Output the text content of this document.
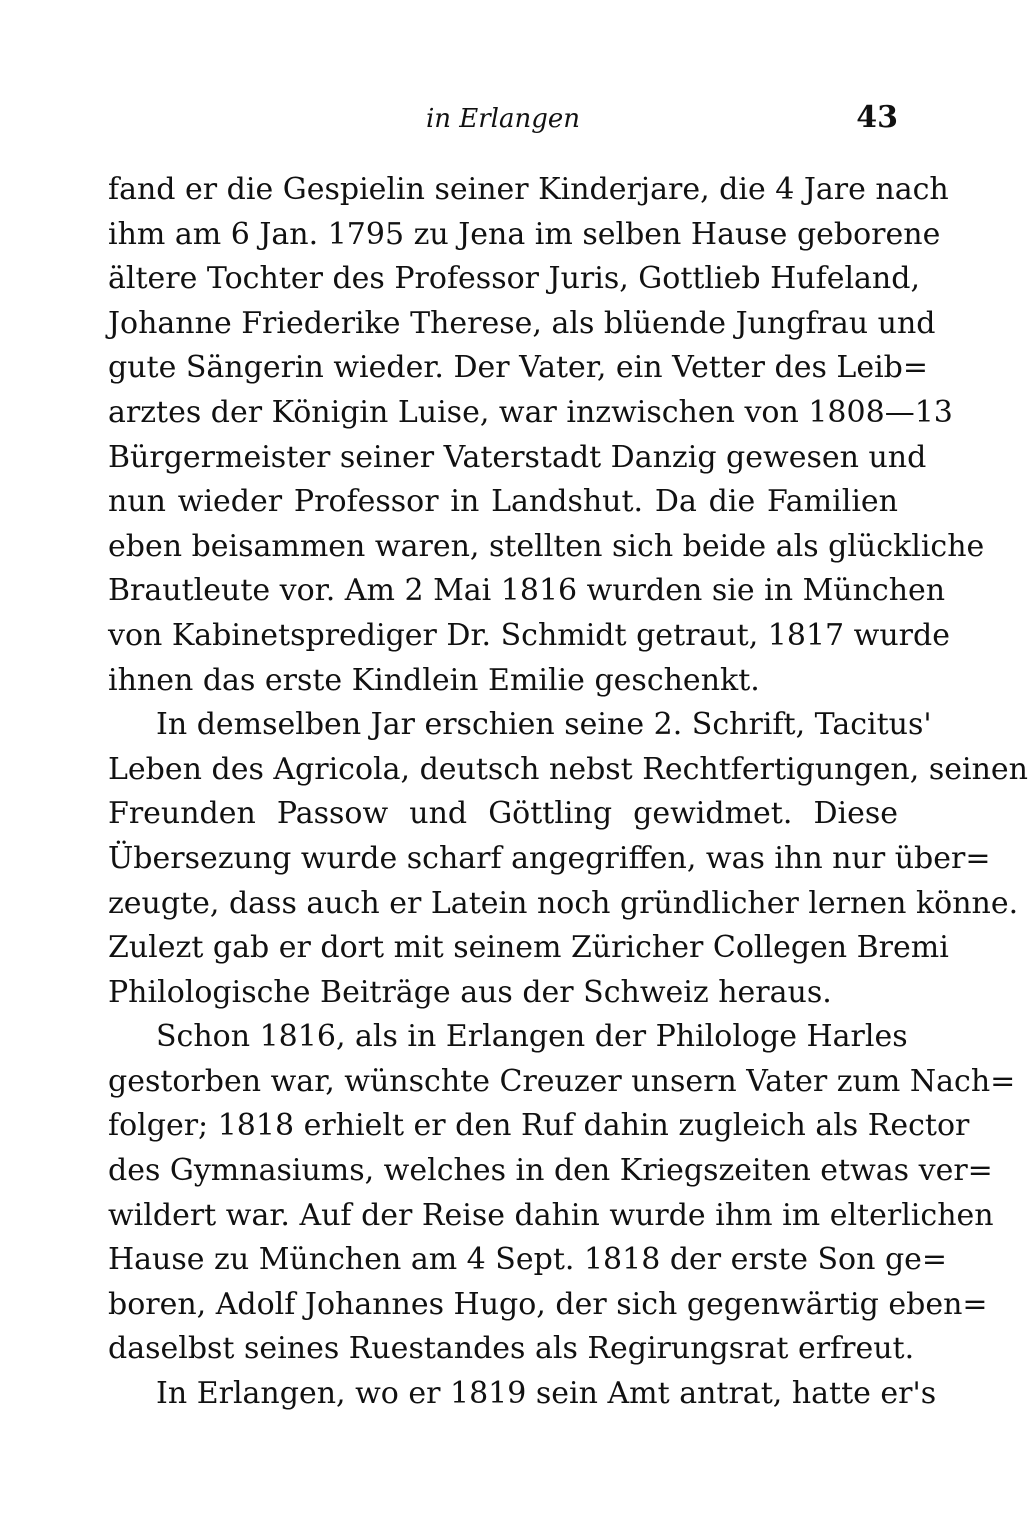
in Erlangen	43
fand er die Gespielin seiner Kinderjare, die 4 Jare nach
ihm am 6 Jan. 1795 zu Jena im selben Hause geborene
ältere Tochter des Professor Juris, Gottlieb Hufeland,
Johanne Friederike Therese, als blüende Jungfrau und
gute Sängerin wieder. Der Vater, ein Vetter des Leib=
arztes der Königin Luise, war inzwischen von 1808—13
Bürgermeister seiner Vaterstadt Danzig gewesen und
nun wieder Professor in Landshut. Da die Familien
eben beisammen waren, stellten sich beide als glückliche
Brautleute vor. Am 2 Mai 1816 wurden sie in München
von Kabinetsprediger Dr. Schmidt getraut, 1817 wurde
ihnen das erste Kindlein Emilie geschenkt.
In demselben Jar erschien seine 2. Schrift, Tacitus'
Leben des Agricola, deutsch nebst Rechtfertigungen, seinen
Freunden Passow und Göttling gewidmet. Diese
Übersezung wurde scharf angegriffen, was ihn nur über=
zeugte, dass auch er Latein noch gründlicher lernen könne.
Zulezt gab er dort mit seinem Züricher Collegen Bremi
Philologische Beiträge aus der Schweiz heraus.
Schon 1816, als in Erlangen der Philologe Harles
gestorben war, wünschte Creuzer unsern Vater zum Nach=
folger; 1818 erhielt er den Ruf dahin zugleich als Rector
des Gymnasiums, welches in den Kriegszeiten etwas ver=
wildert war. Auf der Reise dahin wurde ihm im elterlichen
Hause zu München am 4 Sept. 1818 der erste Son ge=
boren, Adolf Johannes Hugo, der sich gegenwärtig eben=
daselbst seines Ruestandes als Regirungsrat erfreut.
In Erlangen, wo er 1819 sein Amt antrat, hatte er's
